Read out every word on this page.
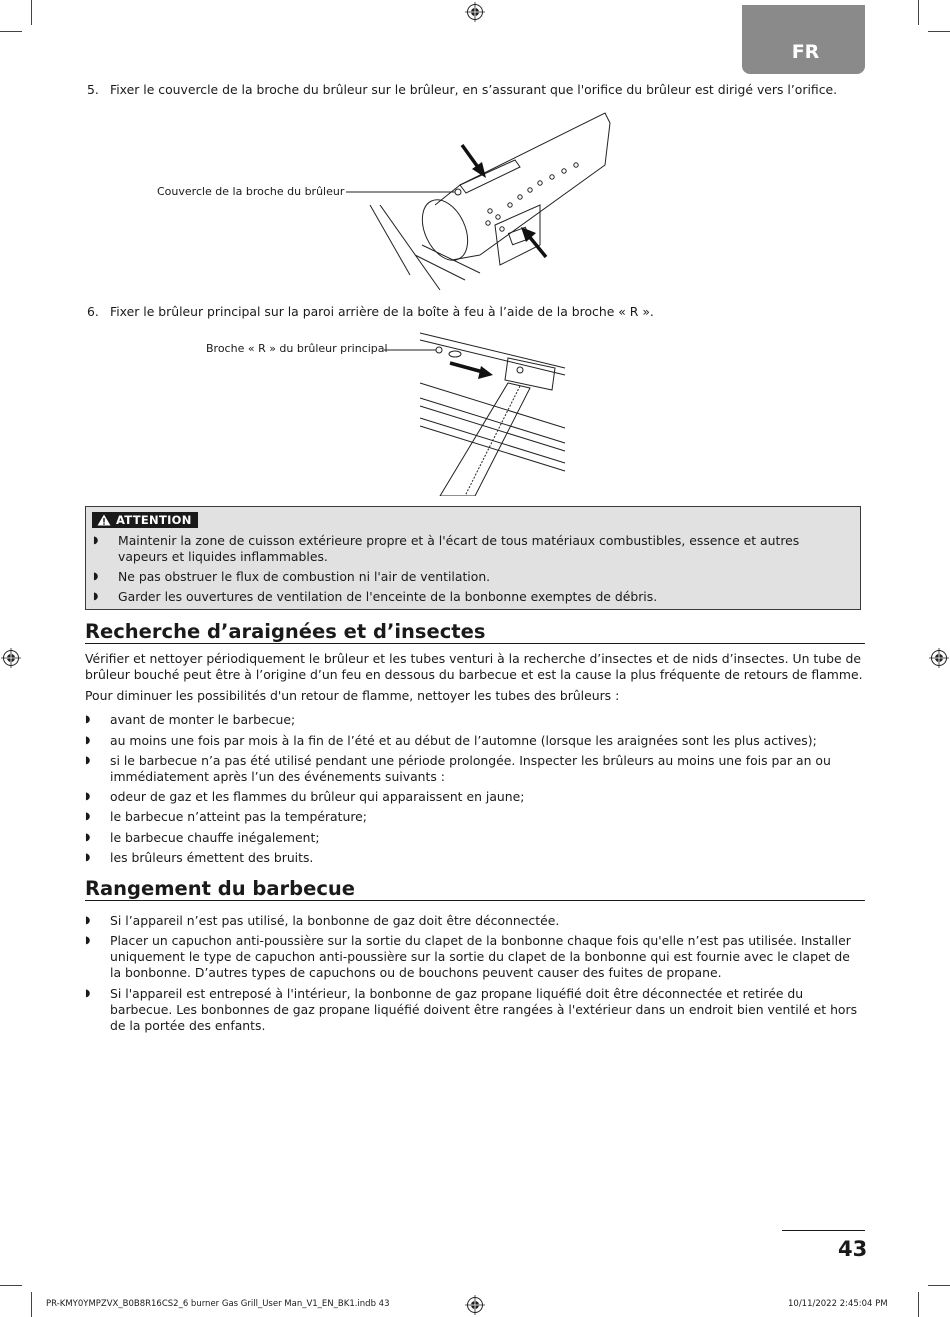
FR
5. Fixer le couvercle de la broche du brûleur sur le brûleur, en s’assurant que l'orifice du brûleur est dirigé vers l’orifice.
Couvercle de la broche du brûleur
6. Fixer le brûleur principal sur la paroi arrière de la boîte à feu à l’aide de la broche « R ».
Broche « R » du brûleur principal
ATTENTION
◗ Maintenir la zone de cuisson extérieure propre et à l'écart de tous matériaux combustibles, essence et autres vapeurs et liquides inflammables.
◗ Ne pas obstruer le flux de combustion ni l'air de ventilation.
◗ Garder les ouvertures de ventilation de l'enceinte de la bonbonne exemptes de débris.
Recherche d’araignées et d’insectes
Vérifier et nettoyer périodiquement le brûleur et les tubes venturi à la recherche d’insectes et de nids d’insectes. Un tube de brûleur bouché peut être à l’origine d’un feu en dessous du barbecue et est la cause la plus fréquente de retours de flamme.
Pour diminuer les possibilités d'un retour de flamme, nettoyer les tubes des brûleurs :
◗ avant de monter le barbecue;
◗ au moins une fois par mois à la fin de l’été et au début de l’automne (lorsque les araignées sont les plus actives);
◗ si le barbecue n’a pas été utilisé pendant une période prolongée. Inspecter les brûleurs au moins une fois par an ou immédiatement après l’un des événements suivants :
◗ odeur de gaz et les flammes du brûleur qui apparaissent en jaune;
◗ le barbecue n’atteint pas la température;
◗ le barbecue chauffe inégalement;
◗ les brûleurs émettent des bruits.
Rangement du barbecue
◗ Si l’appareil n’est pas utilisé, la bonbonne de gaz doit être déconnectée.
◗ Placer un capuchon anti-poussière sur la sortie du clapet de la bonbonne chaque fois qu'elle n’est pas utilisée. Installer uniquement le type de capuchon anti-poussière sur la sortie du clapet de la bonbonne qui est fournie avec le clapet de la bonbonne. D’autres types de capuchons ou de bouchons peuvent causer des fuites de propane.
◗ Si l'appareil est entreposé à l'intérieur, la bonbonne de gaz propane liquéfié doit être déconnectée et retirée du barbecue. Les bonbonnes de gaz propane liquéfié doivent être rangées à l'extérieur dans un endroit bien ventilé et hors de la portée des enfants.
43
PR-KMY0YMPZVX_B0B8R16CS2_6 burner Gas Grill_User Man_V1_EN_BK1.indb 43	10/11/2022 2:45:04 PM
